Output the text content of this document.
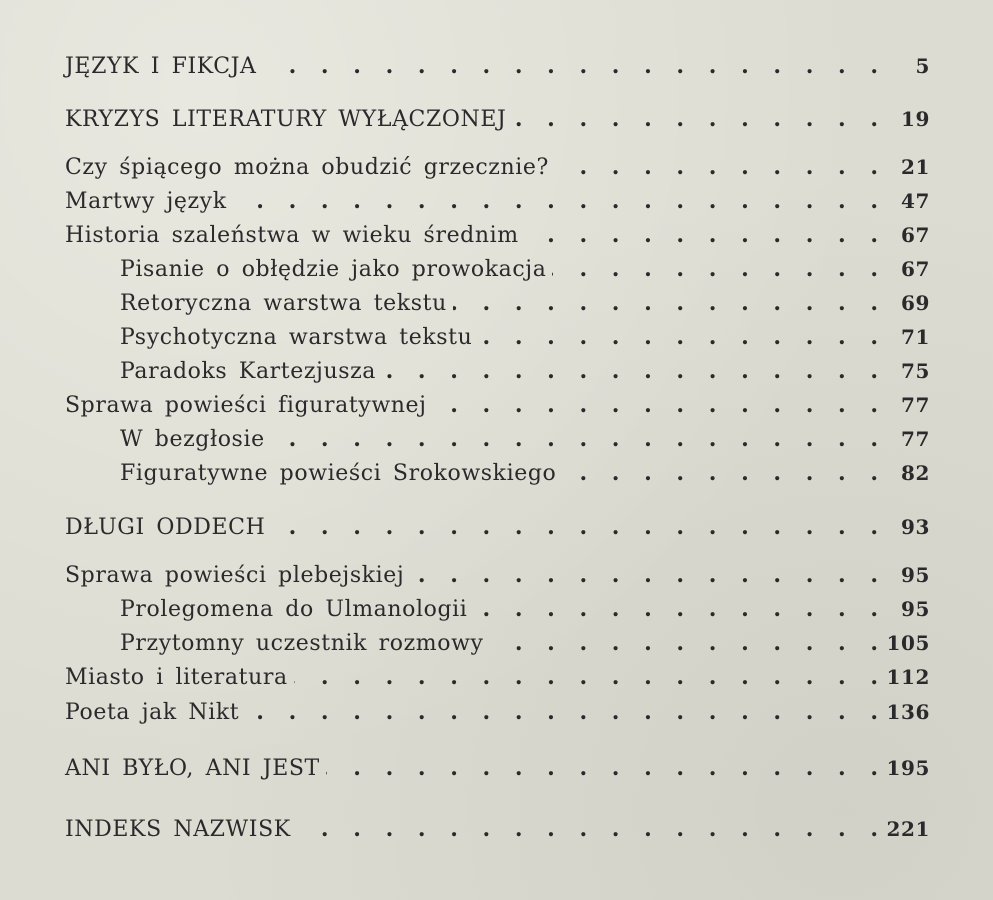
JĘZYK I FIKCJA . . .	5
KRYZYS LITERATURY WYŁĄCZONEJ . . .	19
Czy śpiącego można obudzić grzecznie? . . .	21
Martwy język . . .	47
Historia szaleństwa w wieku średnim . . .	67
Pisanie o obłędzie jako prowokacja . . .	67
Retoryczna warstwa tekstu . . .	69
Psychotyczna warstwa tekstu . . .	71
Paradoks Kartezjusza . . .	75
Sprawa powieści figuratywnej . . .	77
W bezgłosie . . .	77
Figuratywne powieści Srokowskiego . . .	82
DŁUGI ODDECH . . .	93
Sprawa powieści plebejskiej . . .	95
Prolegomena do Ulmanologii . . .	95
Przytomny uczestnik rozmowy . . .	105
Miasto i literatura . . .	112
Poeta jak Nikt . . .	136
ANI BYŁO, ANI JEST . . .	195
INDEKS NAZWISK . . .	221
